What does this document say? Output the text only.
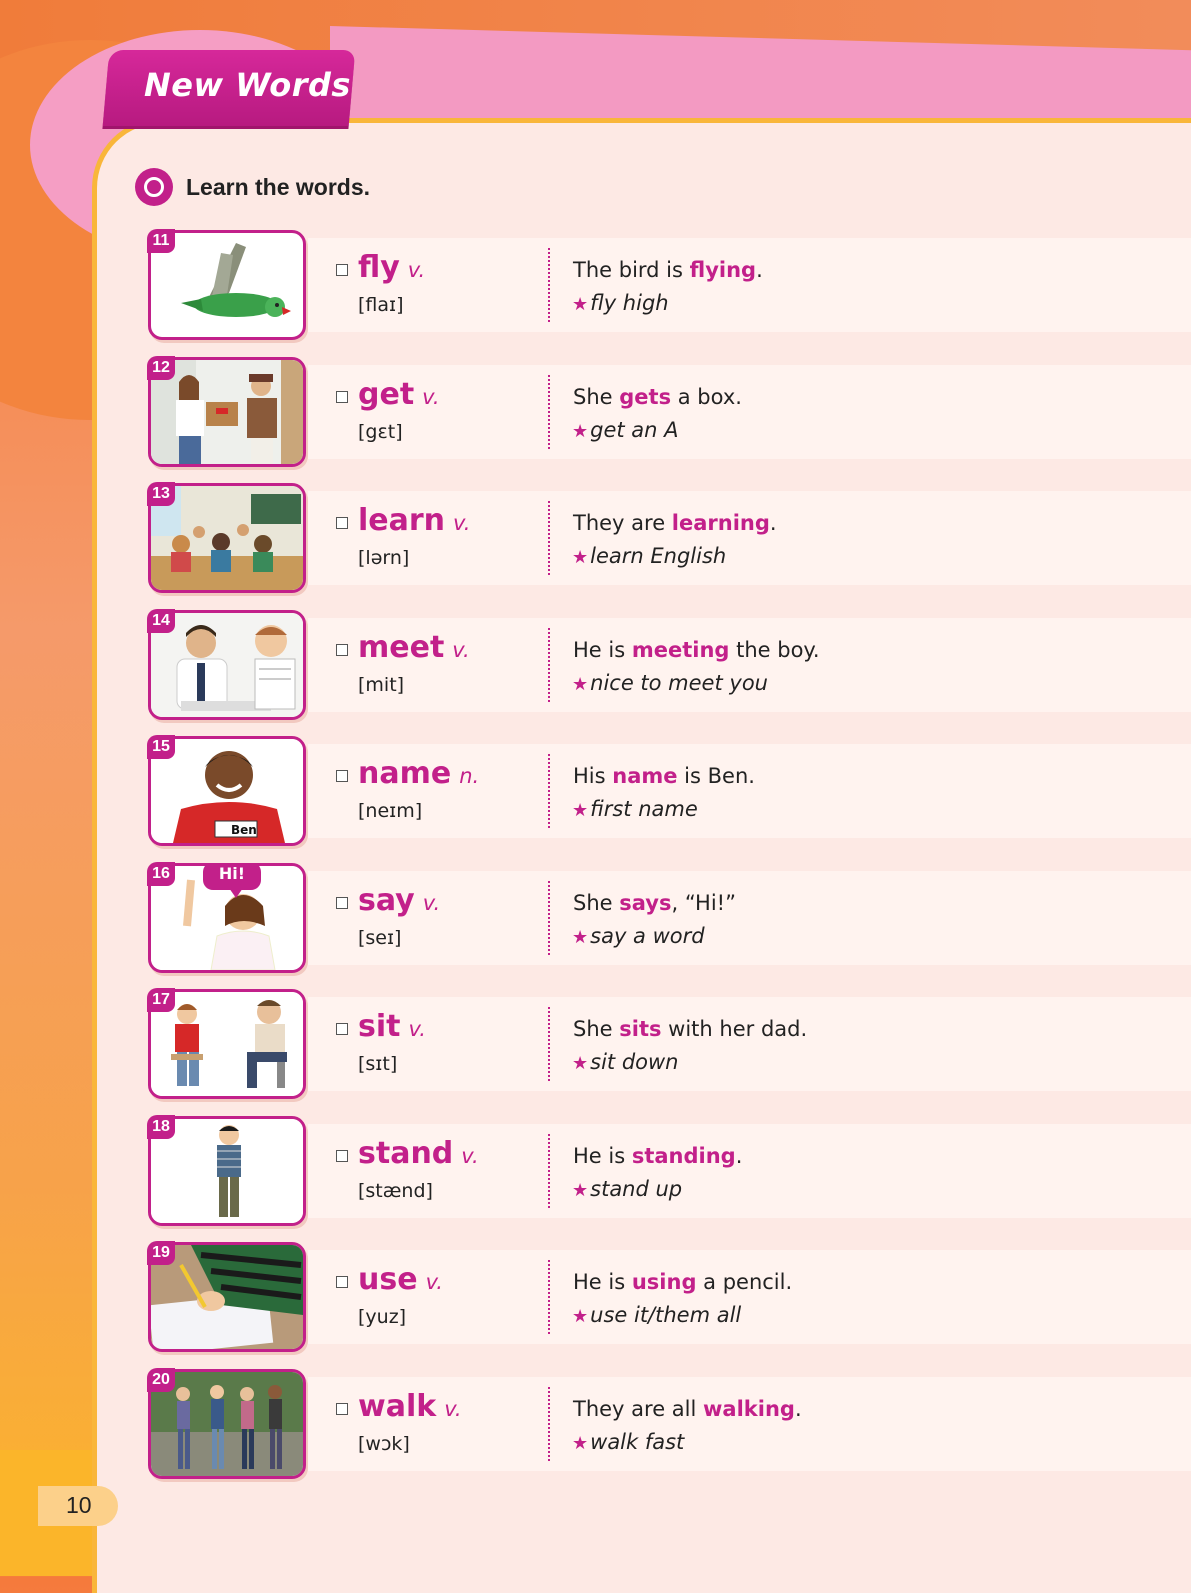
New Words
Learn the words.
11
fly v.
[flaɪ]
The bird is flying.
★fly high
12
get v.
[gɛt]
She gets a box.
★get an A
13
learn v.
[lərn]
They are learning.
★learn English
14
meet v.
[mit]
He is meeting the boy.
★nice to meet you
Ben
15
name n.
[neɪm]
His name is Ben.
★first name
Hi!
16
say v.
[seɪ]
She says, “Hi!”
★say a word
17
sit v.
[sɪt]
She sits with her dad.
★sit down
18
stand v.
[stænd]
He is standing.
★stand up
19
use v.
[yuz]
He is using a pencil.
★use it/them all
20
walk v.
[wɔk]
They are all walking.
★walk fast
10
